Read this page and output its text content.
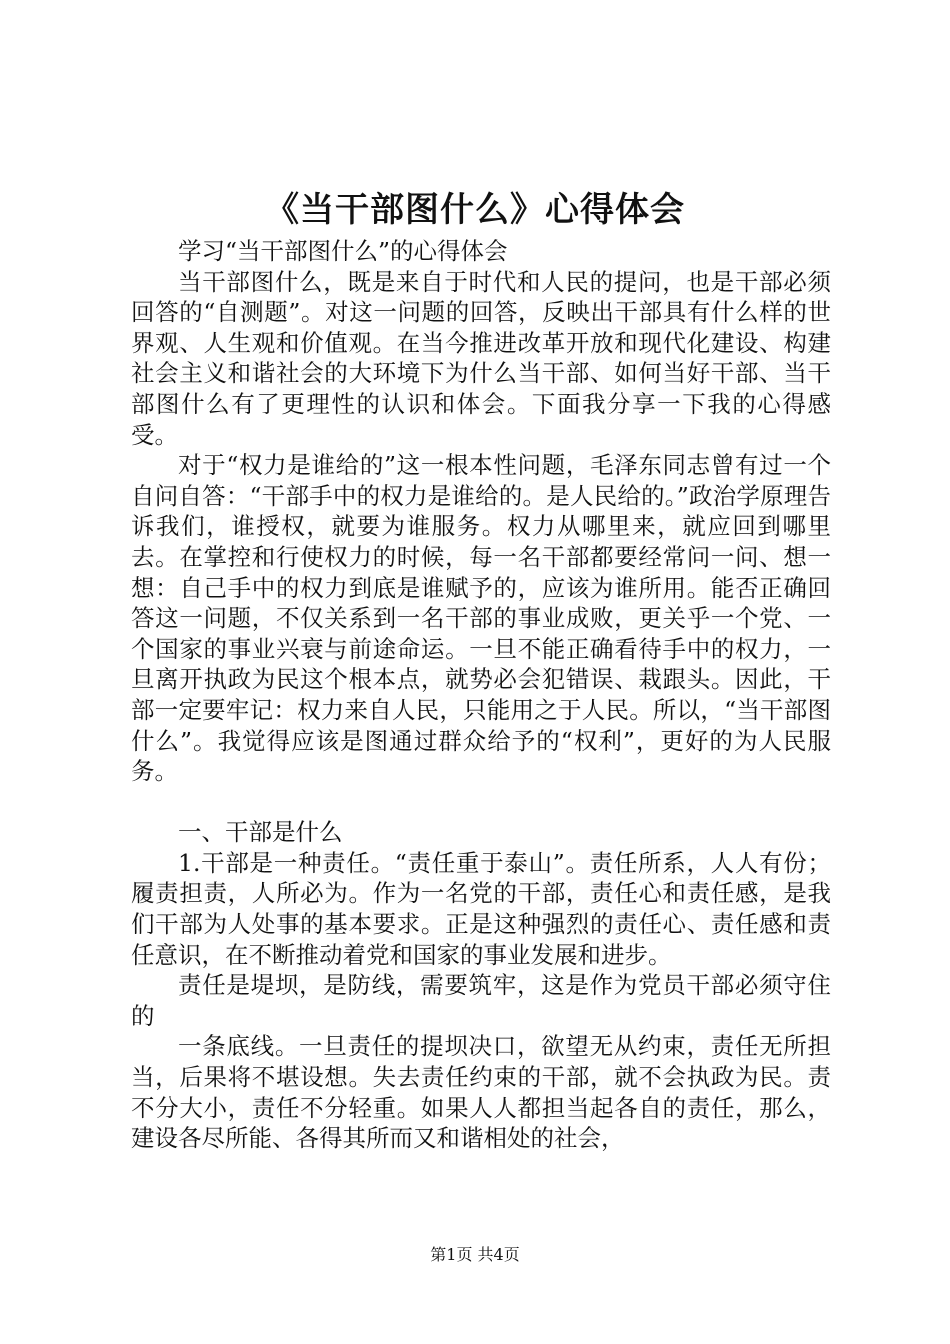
《当干部图什么》心得体会

学习“当干部图什么”的心得体会

当干部图什么，既是来自于时代和人民的提问，也是干部必须回答的“自测题”。对这一问题的回答，反映出干部具有什么样的世界观、人生观和价值观。在当今推进改革开放和现代化建设、构建社会主义和谐社会的大环境下为什么当干部、如何当好干部、当干部图什么有了更理性的认识和体会。下面我分享一下我的心得感受。

对于“权力是谁给的”这一根本性问题，毛泽东同志曾有过一个自问自答：“干部手中的权力是谁给的。是人民给的。”政治学原理告诉我们，谁授权，就要为谁服务。权力从哪里来，就应回到哪里去。在掌控和行使权力的时候，每一名干部都要经常问一问、想一想：自己手中的权力到底是谁赋予的，应该为谁所用。能否正确回答这一问题，不仅关系到一名干部的事业成败，更关乎一个党、一个国家的事业兴衰与前途命运。一旦不能正确看待手中的权力，一旦离开执政为民这个根本点，就势必会犯错误、栽跟头。因此，干部一定要牢记：权力来自人民，只能用之于人民。所以，“当干部图什么”。我觉得应该是图通过群众给予的“权利”，更好的为人民服务。

一、干部是什么

1.干部是一种责任。“责任重于泰山”。责任所系，人人有份；履责担责，人所必为。作为一名党的干部，责任心和责任感，是我们干部为人处事的基本要求。正是这种强烈的责任心、责任感和责任意识，在不断推动着党和国家的事业发展和进步。

责任是堤坝，是防线，需要筑牢，这是作为党员干部必须守住的

一条底线。一旦责任的提坝决口，欲望无从约束，责任无所担当，后果将不堪设想。失去责任约束的干部，就不会执政为民。责不分大小，责任不分轻重。如果人人都担当起各自的责任，那么，建设各尽所能、各得其所而又和谐相处的社会，

第1页 共4页
